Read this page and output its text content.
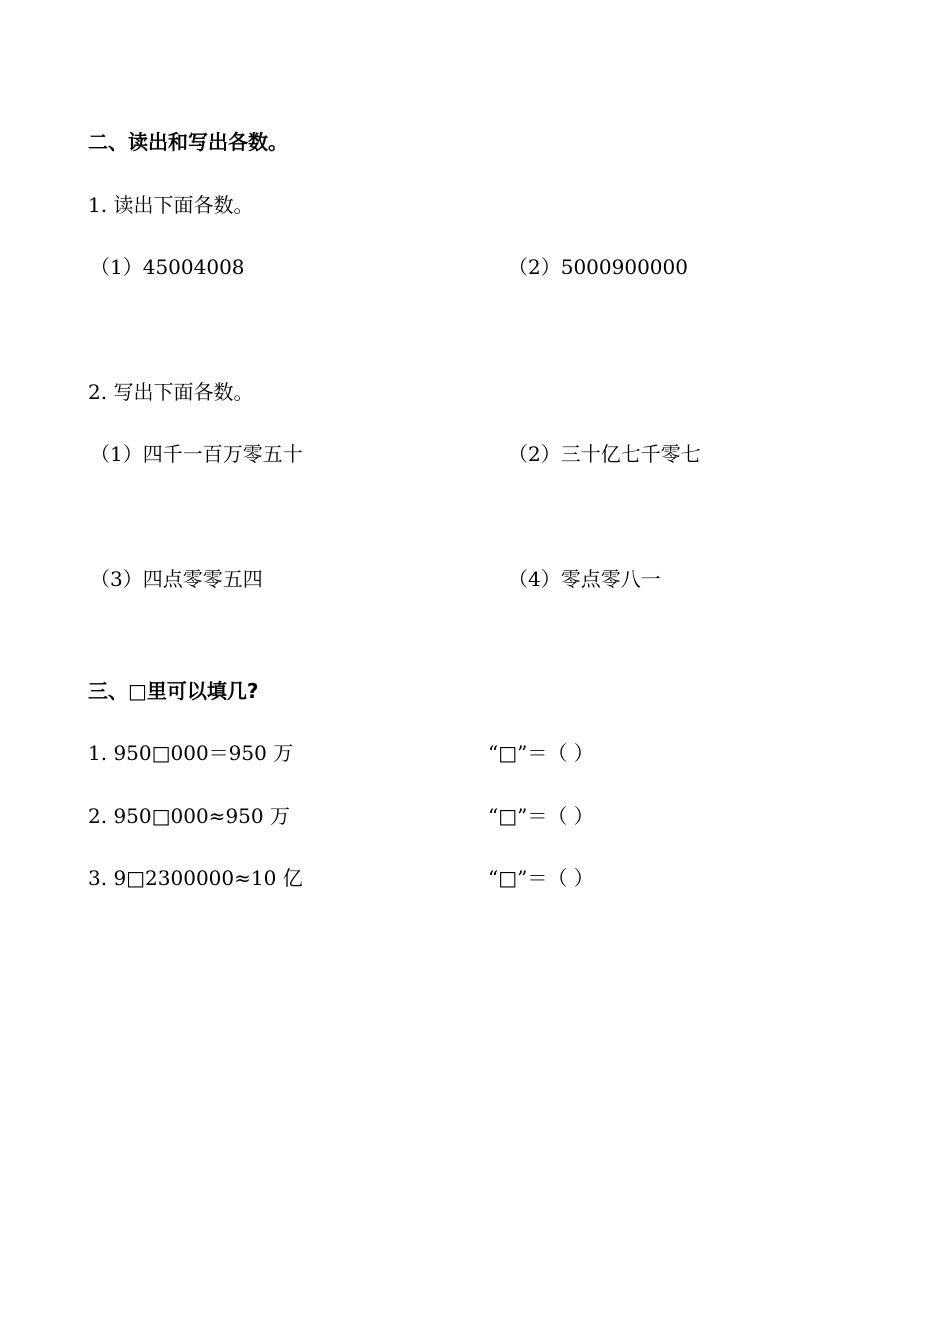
二、读出和写出各数。
1. 读出下面各数。
（1）45004008	（2）5000900000
2. 写出下面各数。
（1）四千一百万零五十	（2）三十亿七千零七
（3）四点零零五四	（4）零点零八一
三、□里可以填几?
1. 950□000＝950 万	“□”＝（ ）
2. 950□000≈950 万	“□”＝（ ）
3. 9□2300000≈10 亿	“□”＝（ ）
